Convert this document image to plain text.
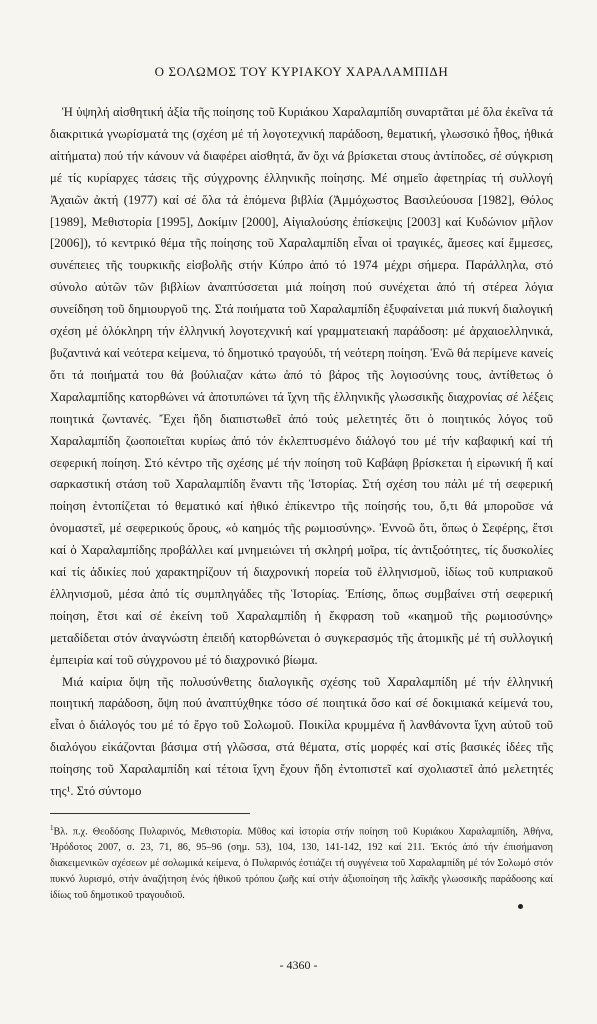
Ο ΣΟΛΩΜΟΣ ΤΟΥ ΚΥΡΙΑΚΟΥ ΧΑΡΑΛΑΜΠΙΔΗ

Ἡ ὑψηλή αἰσθητική ἀξία τῆς ποίησης τοῦ Κυριάκου Χαραλαμπίδη συναρτᾶται μέ ὅλα ἐκεῖνα τά διακριτικά γνωρίσματά της (σχέση μέ τή λογοτεχνική παράδοση, θεματική, γλωσσικό ἦθος, ἠθικά αἰτήματα) πού τήν κάνουν νά διαφέρει αἰσθητά, ἄν ὄχι νά βρίσκεται στους ἀντίποδες, σέ σύγκριση μέ τίς κυρίαρχες τάσεις τῆς σύγχρονης ἑλληνικῆς ποίησης. Μέ σημεῖο ἀφετηρίας τή συλλογή Ἀχαιῶν ἀκτή (1977) καί σέ ὅλα τά ἑπόμενα βιβλία (Ἀμμόχωστος Βασιλεύουσα [1982], Θόλος [1989], Μεθιστορία [1995], Δοκίμιν [2000], Αἰγιαλούσης ἐπίσκεψις [2003] καί Κυδώνιον μῆλον [2006]), τό κεντρικό θέμα τῆς ποίησης τοῦ Χαραλαμπίδη εἶναι οἱ τραγικές, ἄμεσες καί ἔμμεσες, συνέπειες τῆς τουρκικῆς εἰσβολῆς στήν Κύπρο ἀπό τό 1974 μέχρι σήμερα. Παράλληλα, στό σύνολο αὐτῶν τῶν βιβλίων ἀναπτύσσεται μιά ποίηση πού συνέχεται ἀπό τή στέρεα λόγια συνείδηση τοῦ δημιουργοῦ της. Στά ποιήματα τοῦ Χαραλαμπίδη ἐξυφαίνεται μιά πυκνή διαλογική σχέση μέ ὁλόκληρη τήν ἑλληνική λογοτεχνική καί γραμματειακή παράδοση: μέ ἀρχαιοελληνικά, βυζαντινά καί νεότερα κείμενα, τό δημοτικό τραγούδι, τή νεότερη ποίηση. Ἐνῶ θά περίμενε κανείς ὅτι τά ποιήματά του θά βούλιαζαν κάτω ἀπό τό βάρος τῆς λογιοσύνης τους, ἀντίθετως ὁ Χαραλαμπίδης κατορθώνει νά ἀποτυπώνει τά ἴχνη τῆς ἑλληνικῆς γλωσσικῆς διαχρονίας σέ λέξεις ποιητικά ζωντανές. Ἔχει ἤδη διαπιστωθεῖ ἀπό τούς μελετητές ὅτι ὁ ποιητικός λόγος τοῦ Χαραλαμπίδη ζωοποιεῖται κυρίως ἀπό τόν ἐκλεπτυσμένο διάλογό του μέ τήν καβαφική καί τή σεφερική ποίηση. Στό κέντρο τῆς σχέσης μέ τήν ποίηση τοῦ Καβάφη βρίσκεται ἡ εἰρωνική ἤ καί σαρκαστική στάση τοῦ Χαραλαμπίδη ἔναντι τῆς Ἱστορίας. Στή σχέση του πάλι μέ τή σεφερική ποίηση ἐντοπίζεται τό θεματικό καί ἠθικό ἐπίκεντρο τῆς ποίησής του, ὅ,τι θά μποροῦσε νά ὀνομαστεῖ, μέ σεφερικούς ὅρους, «ὁ καημός τῆς ρωμιοσύνης». Ἐννοῶ ὅτι, ὅπως ὁ Σεφέρης, ἔτσι καί ὁ Χαραλαμπίδης προβάλλει καί μνημειώνει τή σκληρή μοῖρα, τίς ἀντιξοότητες, τίς δυσκολίες καί τίς ἀδικίες πού χαρακτηρίζουν τή διαχρονική πορεία τοῦ ἑλληνισμοῦ, ἰδίως τοῦ κυπριακοῦ ἑλληνισμοῦ, μέσα ἀπό τίς συμπληγάδες τῆς Ἱστορίας. Ἐπίσης, ὅπως συμβαίνει στή σεφερική ποίηση, ἔτσι καί σέ ἐκείνη τοῦ Χαραλαμπίδη ἡ ἔκφραση τοῦ «καημοῦ τῆς ρωμιοσύνης» μεταδίδεται στόν ἀναγνώστη ἐπειδή κατορθώνεται ὁ συγκερασμός τῆς ἀτομικῆς μέ τή συλλογική ἐμπειρία καί τοῦ σύγχρονου μέ τό διαχρονικό βίωμα.

Μιά καίρια ὄψη τῆς πολυσύνθετης διαλογικῆς σχέσης τοῦ Χαραλαμπίδη μέ τήν ἑλληνική ποιητική παράδοση, ὄψη πού ἀναπτύχθηκε τόσο σέ ποιητικά ὅσο καί σέ δοκιμιακά κείμενά του, εἶναι ὁ διάλογός του μέ τό ἔργο τοῦ Σολωμοῦ. Ποικίλα κρυμμένα ἤ λανθάνοντα ἴχνη αὐτοῦ τοῦ διαλόγου εἰκάζονται βάσιμα στή γλῶσσα, στά θέματα, στίς μορφές καί στίς βασικές ἰδέες τῆς ποίησης τοῦ Χαραλαμπίδη καί τέτοια ἴχνη ἔχουν ἤδη ἐντοπιστεῖ καί σχολιαστεῖ ἀπό μελετητές της¹. Στό σύντομο

$^1$Βλ. π.χ. Θεοδόσης Πυλαρινός, Μεθιστορία. Μῦθος καί ἱστορία στήν ποίηση τοῦ Κυριάκου Χαραλαμπίδη, Ἀθήνα, Ἡρόδοτος 2007, σ. 23, 71, 86, 95–96 (σημ. 53), 104, 130, 141-142, 192 καί 211. Ἐκτός ἀπό τήν ἐπισήμανση διακειμενικῶν σχέσεων μέ σολωμικά κείμενα, ὁ Πυλαρινός ἐστιάζει τή συγγένεια τοῦ Χαραλαμπίδη μέ τόν Σολωμό στόν πυκνό λυρισμό, στήν ἀναζήτηση ἑνός ἠθικοῦ τρόπου ζωῆς καί στήν ἀξιοποίηση τῆς λαϊκῆς γλωσσικῆς παράδοσης καί ἰδίως τοῦ δημοτικοῦ τραγουδιοῦ.

- 4360 -
